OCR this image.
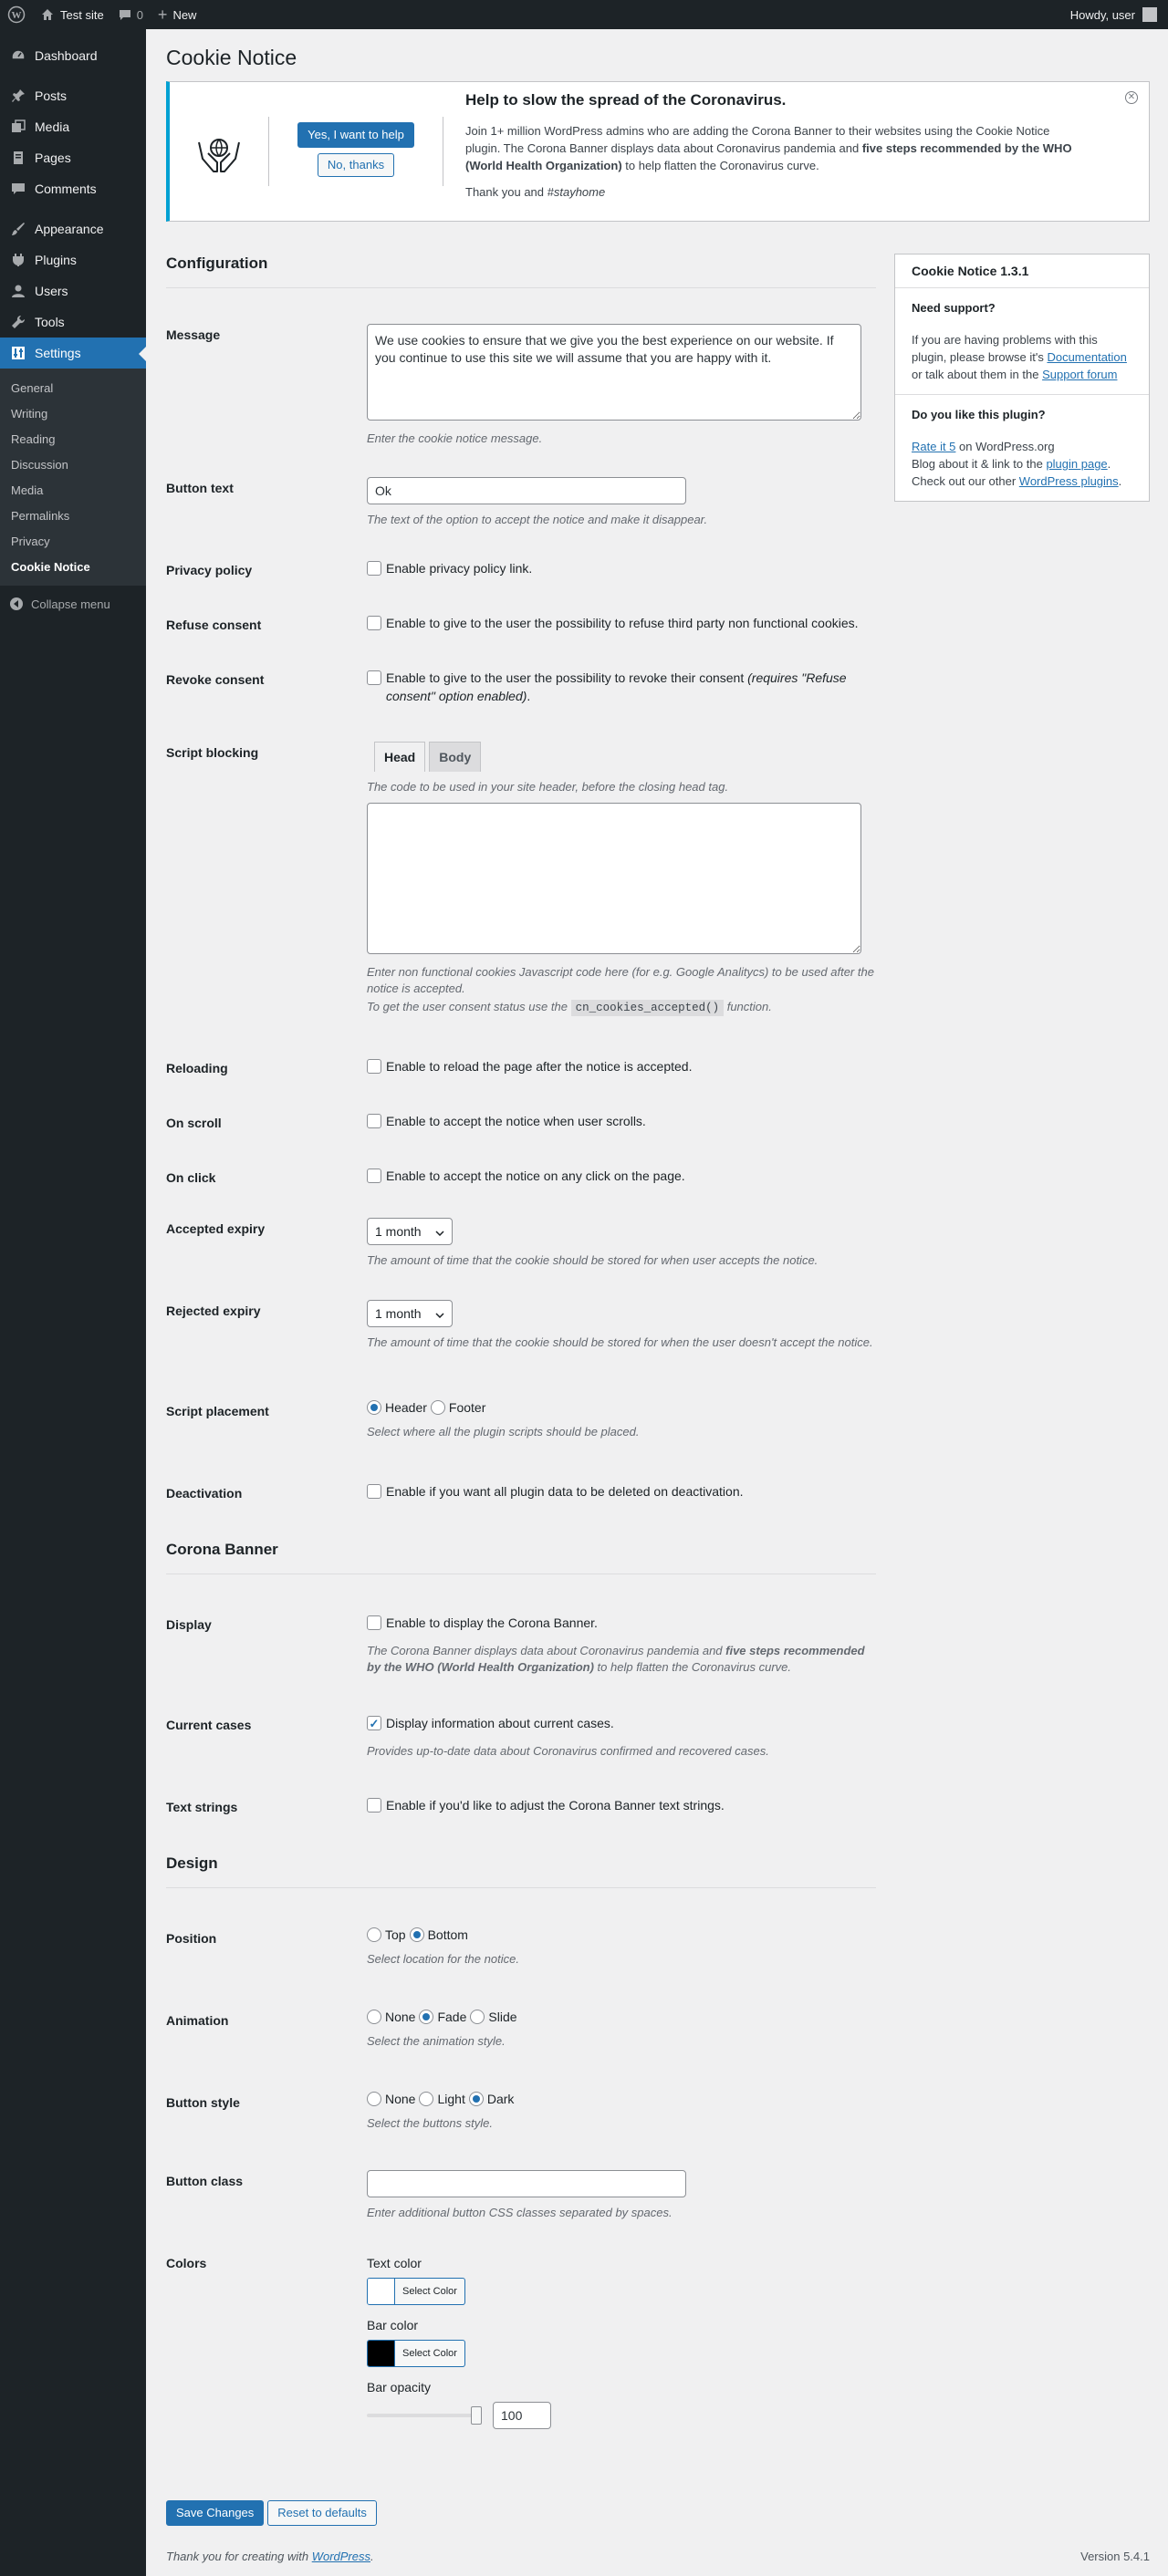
W	Test site	0 + New	Howdy, user
Dashboard
Posts
Media
Pages
Comments
Appearance
Plugins
Users
Tools
Settings
General
Writing
Reading
Discussion
Media
Permalinks
Privacy
Cookie Notice
Collapse menu
Cookie Notice
Yes, I want to help
No, thanks
Help to slow the spread of the Coronavirus.

Join 1+ million WordPress admins who are adding the Corona Banner to their websites using the Cookie Notice plugin. The Corona Banner displays data about Coronavirus pandemia and five steps recommended by the WHO (World Health Organization) to help flatten the Coronavirus curve.

Thank you and #stayhome

✕
Configuration
Message
We use cookies to ensure that we give you the best experience on our website. If you continue to use this site we will assume that you are happy with it.
Enter the cookie notice message.
Button text
Ok
The text of the option to accept the notice and make it disappear.
Privacy policy	Enable privacy policy link.
Refuse consent	Enable to give to the user the possibility to refuse third party non functional cookies.
Revoke consent	Enable to give to the user the possibility to revoke their consent (requires "Refuse consent" option enabled).
Script blocking	Head	Body
The code to be used in your site header, before the closing head tag.
Enter non functional cookies Javascript code here (for e.g. Google Analitycs) to be used after the notice is accepted.
To get the user consent status use the cn_cookies_accepted() function.
Reloading	Enable to reload the page after the notice is accepted.
On scroll	Enable to accept the notice when user scrolls.
On click	Enable to accept the notice on any click on the page.
Accepted expiry	1 month
The amount of time that the cookie should be stored for when user accepts the notice.
Rejected expiry	1 month
The amount of time that the cookie should be stored for when the user doesn't accept the notice.
Script placement	Header Footer
Select where all the plugin scripts should be placed.
Deactivation	Enable if you want all plugin data to be deleted on deactivation.
Corona Banner
Display	Enable to display the Corona Banner.
The Corona Banner displays data about Coronavirus pandemia and five steps recommended by the WHO (World Health Organization) to help flatten the Coronavirus curve.
Current cases
✓	Display information about current cases.
Provides up-to-date data about Coronavirus confirmed and recovered cases.
Text strings	Enable if you'd like to adjust the Corona Banner text strings.
Design
Position	Top Bottom
Select location for the notice.
Animation	None Fade Slide
Select the animation style.
Button style	None Light Dark
Select the buttons style.
Button class
Enter additional button CSS classes separated by spaces.
Colors	Text color
Select Color
Bar color
Select Color
Bar opacity
100
Save Changes	Reset to defaults
Cookie Notice 1.3.1
Need support?
If you are having problems with this plugin, please browse it's Documentation or talk about them in the Support forum
Do you like this plugin?
Rate it 5 on WordPress.org
Blog about it & link to the plugin page.
Check out our other WordPress plugins.
Thank you for creating with WordPress.	Version 5.4.1
